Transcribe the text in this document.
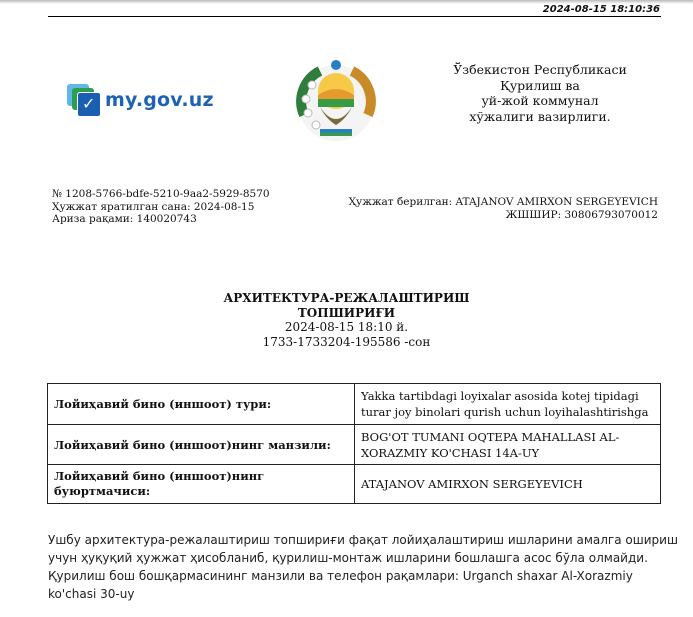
2024-08-15 18:10:36
✓ my.gov.uz
Ўзбекистон Республикаси
Қурилиш ва
уй-жой коммунал
хўжалиги вазирлиги.
№ 1208-5766-bdfe-5210-9aa2-5929-8570
Ҳужжат яратилган сана: 2024-08-15
Ариза рақами: 140020743
Ҳужжат берилган: ATAJANOV AMIRXON SERGEYEVICH
ЖШШИР: 30806793070012
АРХИТЕКТУРА-РЕЖАЛАШТИРИШ
ТОПШИРИҒИ
2024-08-15 18:10 й.
1733-1733204-195586 -сон
Лойиҳавий бино (иншоот) тури:	Yakka tartibdagi loyixalar asosida kotej tipidagi turar joy binolari qurish uchun loyihalashtirishga
Лойиҳавий бино (иншоот)нинг манзили:	BOG'OT TUMANI OQTEPA MAHALLASI AL-XORAZMIY KO'CHASI 14A-UY
Лойиҳавий бино (иншоот)нинг буюртмачиси:	ATAJANOV AMIRXON SERGEYEVICH
Ушбу архитектура-режалаштириш топшириғи фақат лойиҳалаштириш ишларини амалга ошириш учун ҳуқуқий ҳужжат ҳисобланиб, қурилиш-монтаж ишларини бошлашга асос бўла олмайди. Қурилиш бош бошқармасининг манзили ва телефон рақамлари: Urganch shaxar Al-Xorazmiy ko'chasi 30-uy
